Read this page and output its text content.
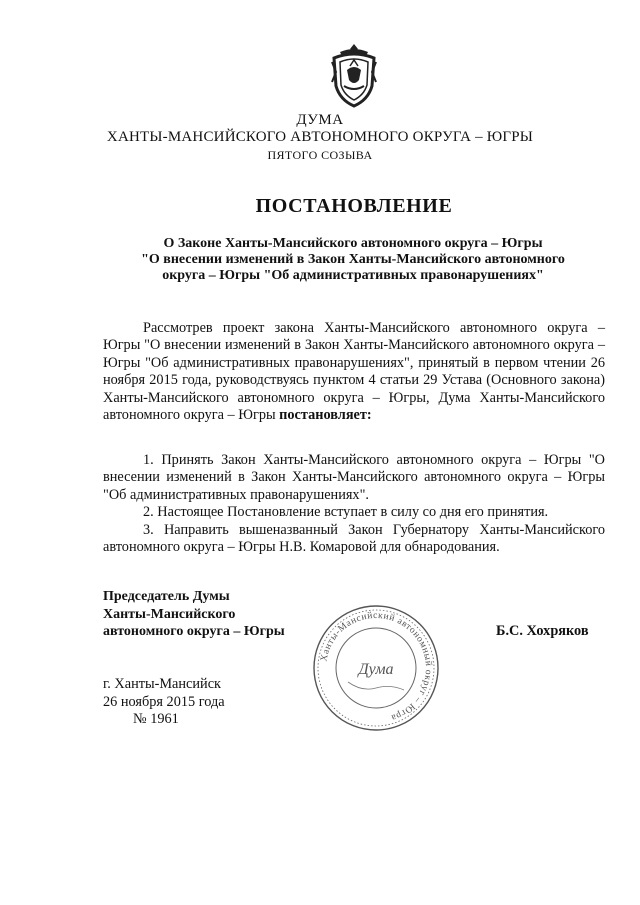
ДУМА
ХАНТЫ-МАНСИЙСКОГО АВТОНОМНОГО ОКРУГА – ЮГРЫ
ПЯТОГО СОЗЫВА
ПОСТАНОВЛЕНИЕ
О Законе Ханты-Мансийского автономного округа – Югры
"О внесении изменений в Закон Ханты-Мансийского автономного
округа – Югры "Об административных правонарушениях"
Рассмотрев проект закона Ханты-Мансийского автономного округа – Югры "О внесении изменений в Закон Ханты-Мансийского автономного округа – Югры "Об административных правонарушениях", принятый в первом чтении 26 ноября 2015 года, руководствуясь пунктом 4 статьи 29 Устава (Основного закона) Ханты-Мансийского автономного округа – Югры, Дума Ханты-Мансийского автономного округа – Югры постановляет:
1. Принять Закон Ханты-Мансийского автономного округа – Югры "О внесении изменений в Закон Ханты-Мансийского автономного округа – Югры "Об административных правонарушениях".
2. Настоящее Постановление вступает в силу со дня его принятия.
3. Направить вышеназванный Закон Губернатору Ханты-Мансийского автономного округа – Югры Н.В. Комаровой для обнародования.
Председатель Думы
Ханты-Мансийского
автономного округа – Югры	Б.С. Хохряков
г. Ханты-Мансийск
26 ноября 2015 года
№ 1961
Ханты-Мансийский автономный округ – Югра
Дума
